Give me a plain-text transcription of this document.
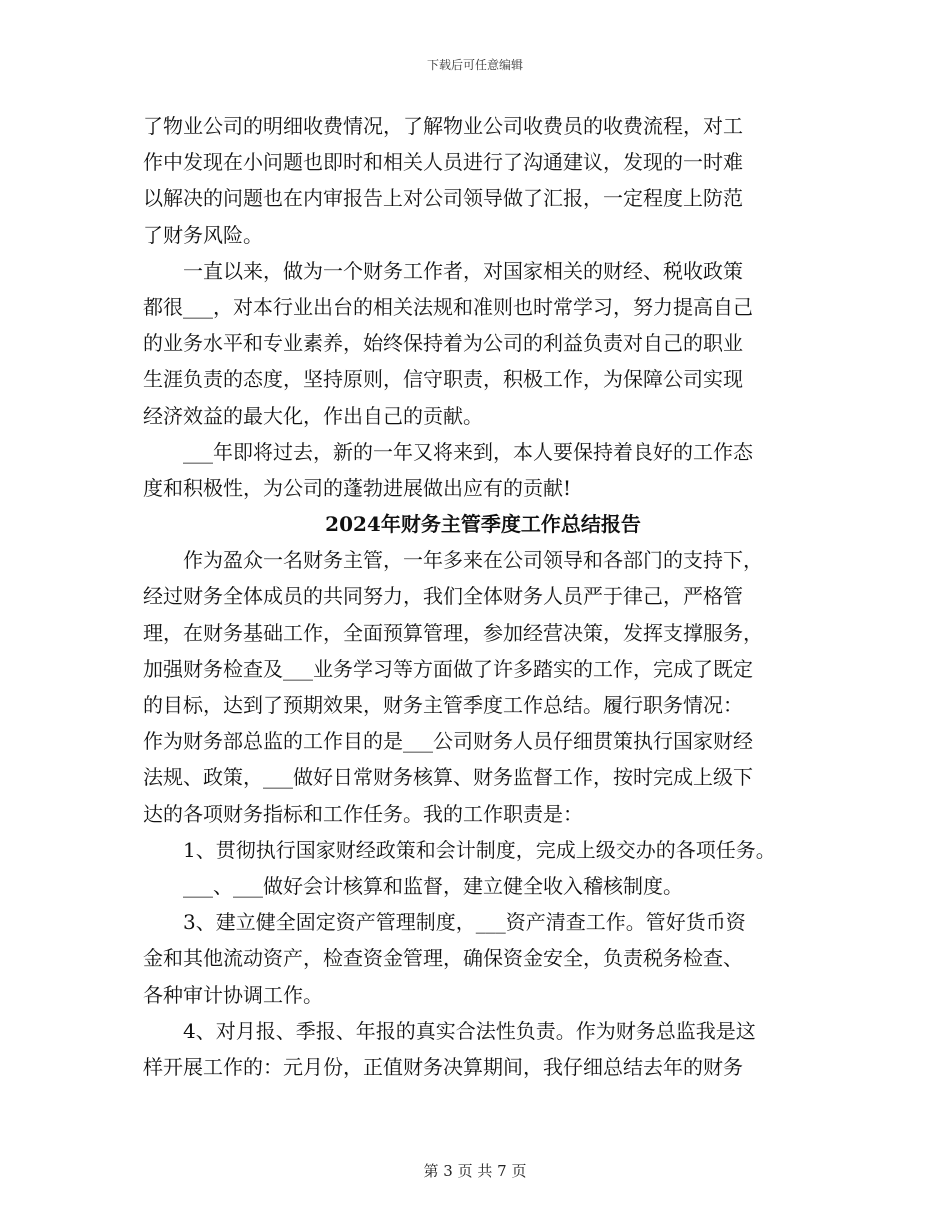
下载后可任意编辑
了物业公司的明细收费情况，了解物业公司收费员的收费流程，对工
作中发现在小问题也即时和相关人员进行了沟通建议，发现的一时难
以解决的问题也在内审报告上对公司领导做了汇报，一定程度上防范
了财务风险。
　　一直以来，做为一个财务工作者，对国家相关的财经、税收政策
都很___，对本行业出台的相关法规和准则也时常学习，努力提高自己
的业务水平和专业素养，始终保持着为公司的利益负责对自己的职业
生涯负责的态度，坚持原则，信守职责，积极工作，为保障公司实现
经济效益的最大化，作出自己的贡献。
　　___年即将过去，新的一年又将来到，本人要保持着良好的工作态
度和积极性，为公司的蓬勃进展做出应有的贡献!
2024年财务主管季度工作总结报告
　　作为盈众一名财务主管，一年多来在公司领导和各部门的支持下，
经过财务全体成员的共同努力，我们全体财务人员严于律己，严格管
理，在财务基础工作，全面预算管理，参加经营决策，发挥支撑服务，
加强财务检查及___业务学习等方面做了许多踏实的工作，完成了既定
的目标，达到了预期效果，财务主管季度工作总结。履行职务情况：
作为财务部总监的工作目的是___公司财务人员仔细贯策执行国家财经
法规、政策，___做好日常财务核算、财务监督工作，按时完成上级下
达的各项财务指标和工作任务。我的工作职责是：
　　1、贯彻执行国家财经政策和会计制度，完成上级交办的各项任务。
　　___、___做好会计核算和监督，建立健全收入稽核制度。
　　3、建立健全固定资产管理制度，___资产清查工作。管好货币资
金和其他流动资产，检查资金管理，确保资金安全，负责税务检查、
各种审计协调工作。
　　4、对月报、季报、年报的真实合法性负责。作为财务总监我是这
样开展工作的：元月份，正值财务决算期间，我仔细总结去年的财务
第 3 页 共 7 页
